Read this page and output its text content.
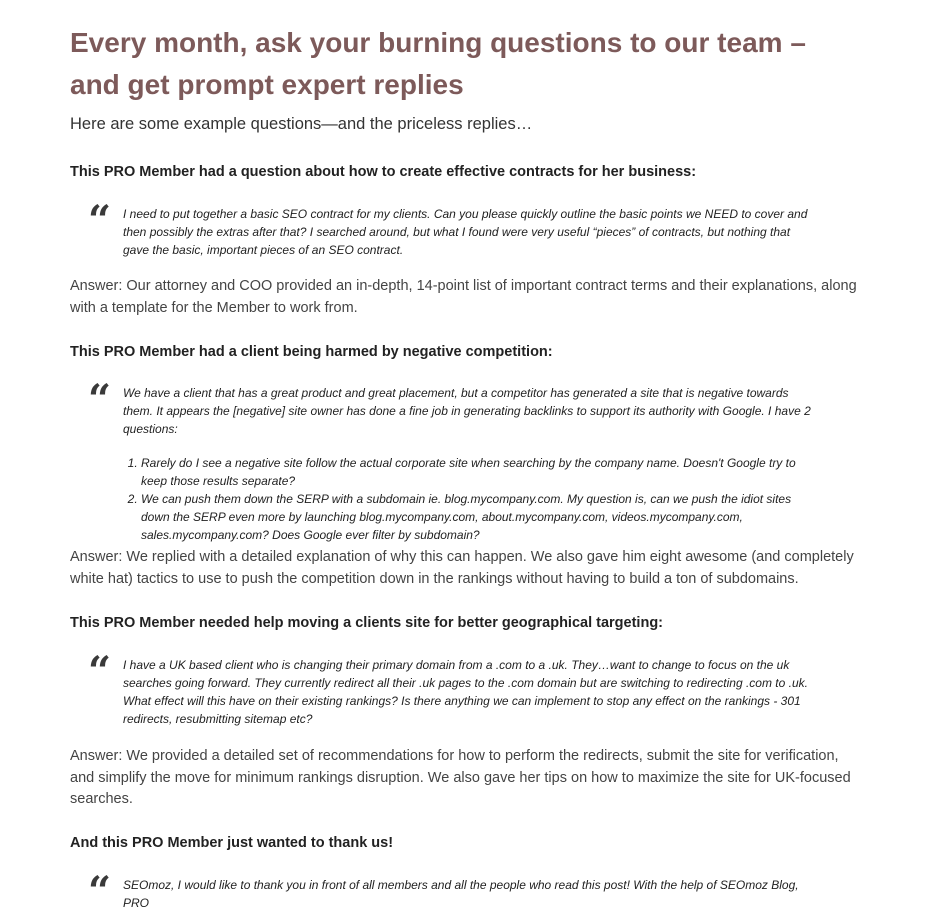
Every month, ask your burning questions to our team – and get prompt expert replies
Here are some example questions—and the priceless replies…
This PRO Member had a question about how to create effective contracts for her business:
“ I need to put together a basic SEO contract for my clients. Can you please quickly outline the basic points we NEED to cover and then possibly the extras after that? I searched around, but what I found were very useful “pieces” of contracts, but nothing that gave the basic, important pieces of an SEO contract.

Answer: Our attorney and COO provided an in-depth, 14-point list of important contract terms and their explanations, along with a template for the Member to work from.
This PRO Member had a client being harmed by negative competition:
“ We have a client that has a great product and great placement, but a competitor has generated a site that is negative towards them. It appears the [negative] site owner has done a fine job in generating backlinks to support its authority with Google. I have 2 questions:

1. Rarely do I see a negative site follow the actual corporate site when searching by the company name. Doesn't Google try to keep those results separate?
2. We can push them down the SERP with a subdomain ie. blog.mycompany.com. My question is, can we push the idiot sites down the SERP even more by launching blog.mycompany.com, about.mycompany.com, videos.mycompany.com, sales.mycompany.com? Does Google ever filter by subdomain?
Answer: We replied with a detailed explanation of why this can happen. We also gave him eight awesome (and completely white hat) tactics to use to push the competition down in the rankings without having to build a ton of subdomains.
This PRO Member needed help moving a clients site for better geographical targeting:
“ I have a UK based client who is changing their primary domain from a .com to a .uk. They…want to change to focus on the uk searches going forward. They currently redirect all their .uk pages to the .com domain but are switching to redirecting .com to .uk. What effect will this have on their existing rankings? Is there anything we can implement to stop any effect on the rankings - 301 redirects, resubmitting sitemap etc?

Answer: We provided a detailed set of recommendations for how to perform the redirects, submit the site for verification, and simplify the move for minimum rankings disruption. We also gave her tips on how to maximize the site for UK-focused searches.
And this PRO Member just wanted to thank us!
“ SEOmoz, I would like to thank you in front of all members and all the people who read this post! With the help of SEOmoz Blog, PRO
